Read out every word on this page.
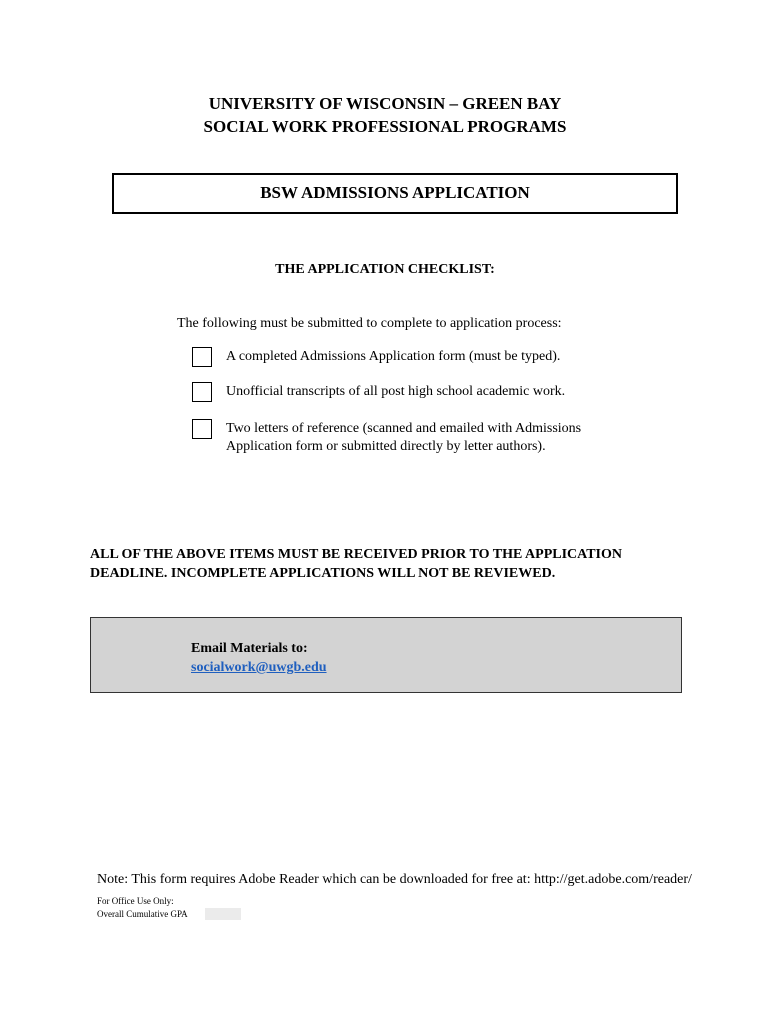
UNIVERSITY OF WISCONSIN – GREEN BAY
SOCIAL WORK PROFESSIONAL PROGRAMS
BSW ADMISSIONS APPLICATION
THE APPLICATION CHECKLIST:
The following must be submitted to complete to application process:
A completed Admissions Application form (must be typed).
Unofficial transcripts of all post high school academic work.
Two letters of reference (scanned and emailed with Admissions Application form or submitted directly by letter authors).
ALL OF THE ABOVE ITEMS MUST BE RECEIVED PRIOR TO THE APPLICATION DEADLINE. INCOMPLETE APPLICATIONS WILL NOT BE REVIEWED.
Email Materials to:
socialwork@uwgb.edu
Note: This form requires Adobe Reader which can be downloaded for free at: http://get.adobe.com/reader/
For Office Use Only:
Overall Cumulative GPA
